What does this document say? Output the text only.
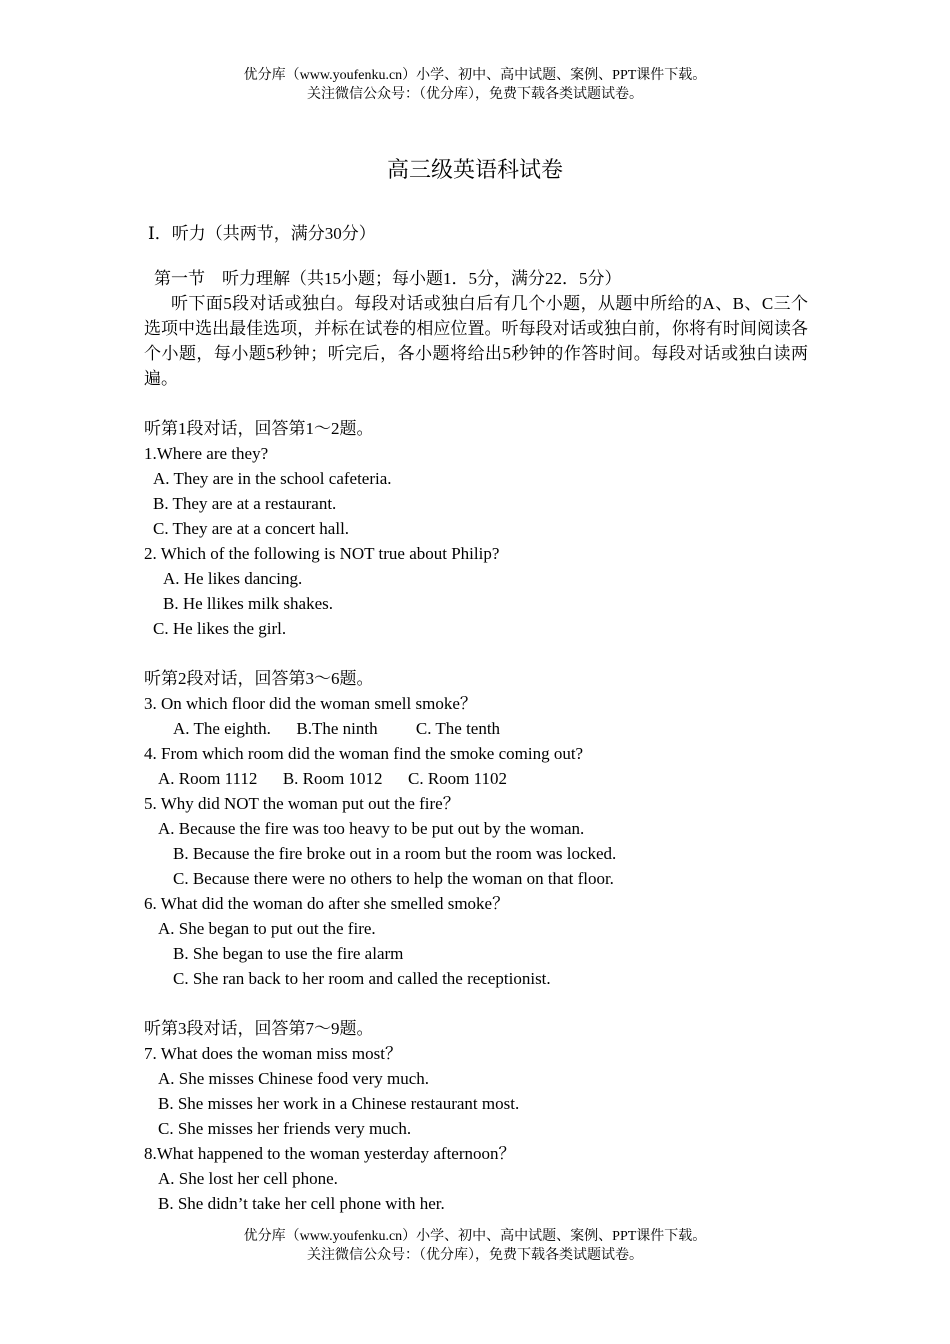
优分库（www.youfenku.cn）小学、初中、高中试题、案例、PPT课件下载。
关注微信公众号：（优分库），免费下载各类试题试卷。
高三级英语科试卷
Ⅰ．听力（共两节，满分30分）

第一节    听力理解（共15小题；每小题1．5分，满分22．5分）

听下面5段对话或独白。每段对话或独白后有几个小题，从题中所给的A、B、C三个选项中选出最佳选项，并标在试卷的相应位置。听每段对话或独白前，你将有时间阅读各个小题，每小题5秒钟；听完后，各小题将给出5秒钟的作答时间。每段对话或独白读两遍。

听第1段对话，回答第1～2题。

1.Where are they?

A. They are in the school cafeteria.

B. They are at a restaurant.

C. They are at a concert hall.

2. Which of the following is NOT true about Philip?

A. He likes dancing.

B. He llikes milk shakes.

C. He likes the girl.

听第2段对话，回答第3～6题。

3. On which floor did the woman smell smoke？

A. The eighth.      B.The ninth         C. The tenth

4. From which room did the woman find the smoke coming out?

A. Room 1112      B. Room 1012      C. Room 1102

5. Why did NOT the woman put out the fire？

A. Because the fire was too heavy to be put out by the woman.

B. Because the fire broke out in a room but the room was locked.

C. Because there were no others to help the woman on that floor.

6. What did the woman do after she smelled smoke？

A. She began to put out the fire.

B. She began to use the fire alarm

C. She ran back to her room and called the receptionist.

听第3段对话，回答第7～9题。

7. What does the woman miss most？

A. She misses Chinese food very much.

B. She misses her work in a Chinese restaurant most.

C. She misses her friends very much.

8.What happened to the woman yesterday afternoon？

A. She lost her cell phone.

B. She didn’t take her cell phone with her.

优分库（www.youfenku.cn）小学、初中、高中试题、案例、PPT课件下载。
关注微信公众号：（优分库），免费下载各类试题试卷。
